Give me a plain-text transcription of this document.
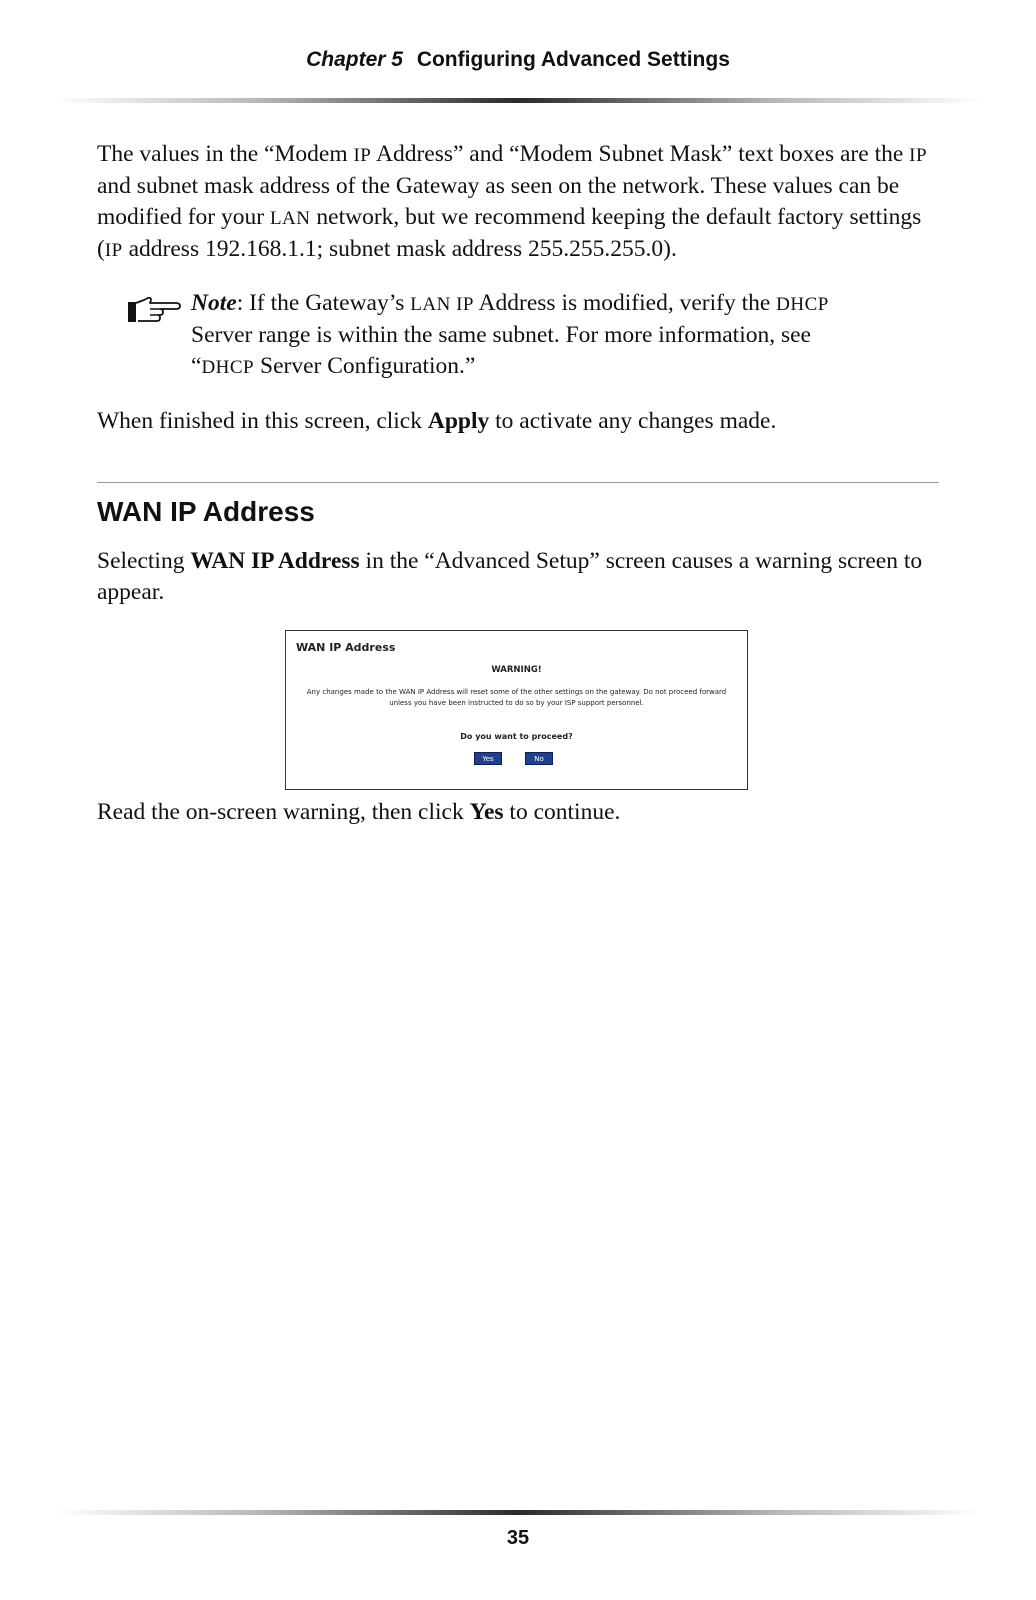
Chapter 5 Configuring Advanced Settings

The values in the “Modem IP Address” and “Modem Subnet Mask” text boxes are the IP and subnet mask address of the Gateway as seen on the network. These values can be modified for your LAN network, but we recommend keeping the default factory settings (IP address 192.168.1.1; subnet mask address 255.255.255.0).

Note: If the Gateway’s LAN IP Address is modified, verify the DHCP Server range is within the same subnet. For more information, see “DHCP Server Configuration.”

When finished in this screen, click Apply to activate any changes made.

WAN IP Address

Selecting WAN IP Address in the “Advanced Setup” screen causes a warning screen to appear.

WAN IP Address
WARNING!
Any changes made to the WAN IP Address will reset some of the other settings on the gateway. Do not proceed forward unless you have been instructed to do so by your ISP support personnel.
Do you want to proceed?
Yes	No

Read the on-screen warning, then click Yes to continue.

35
